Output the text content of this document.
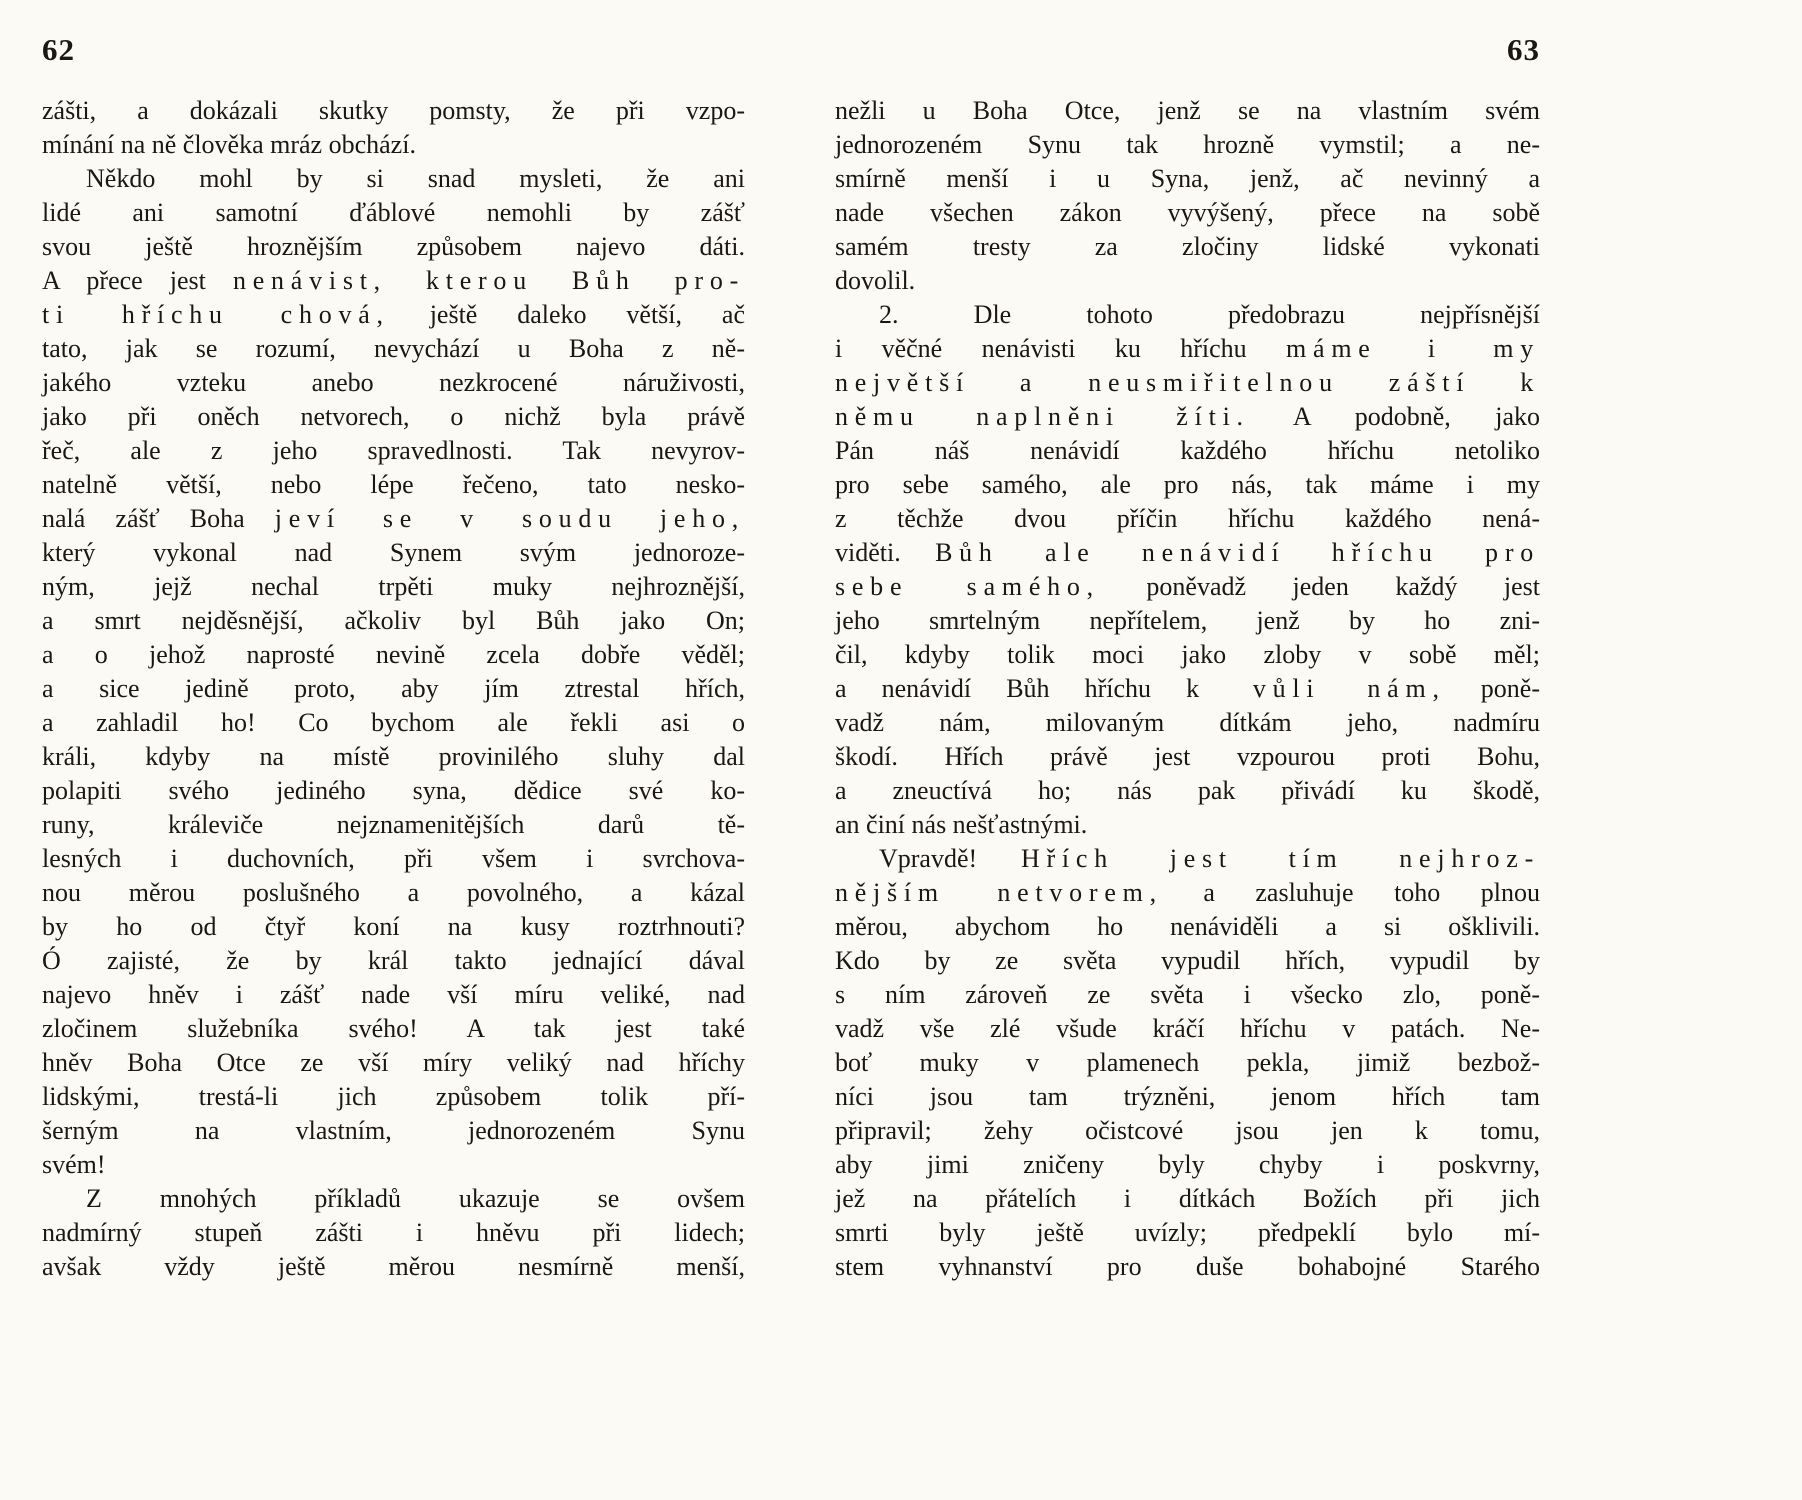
62	63
zášti, a dokázali skutky pomsty, že při vzpo-
mínání na ně člověka mráz obchází.
Někdo mohl by si snad mysleti, že ani
lidé ani samotní ďáblové nemohli by zášť
svou ještě hroznějším způsobem najevo dáti.
A přece jest nenávist, kterou Bůh pro-
ti hříchu chová, ještě daleko větší, ač
tato, jak se rozumí, nevychází u Boha z ně-
jakého vzteku anebo nezkrocené náruživosti,
jako při oněch netvorech, o nichž byla právě
řeč, ale z jeho spravedlnosti. Tak nevyrov-
natelně větší, nebo lépe řečeno, tato nesko-
nalá zášť Boha jeví se v soudu jeho,
který vykonal nad Synem svým jednoroze-
ným, jejž nechal trpěti muky nejhroznější,
a smrt nejděsnější, ačkoliv byl Bůh jako On;
a o jehož naprosté nevině zcela dobře věděl;
a sice jedině proto, aby jím ztrestal hřích,
a zahladil ho! Co bychom ale řekli asi o
králi, kdyby na místě provinilého sluhy dal
polapiti svého jediného syna, dědice své ko-
runy, králeviče nejznamenitějších darů tě-
lesných i duchovních, při všem i svrchova-
nou měrou poslušného a povolného, a kázal
by ho od čtyř koní na kusy roztrhnouti?
Ó zajisté, že by král takto jednající dával
najevo hněv i zášť nade vší míru veliké, nad
zločinem služebníka svého! A tak jest také
hněv Boha Otce ze vší míry veliký nad hříchy
lidskými, trestá-li jich způsobem tolik pří-
šerným na vlastním, jednorozeném Synu
svém!
Z mnohých příkladů ukazuje se ovšem
nadmírný stupeň zášti i hněvu při lidech;
avšak vždy ještě měrou nesmírně menší,
nežli u Boha Otce, jenž se na vlastním svém
jednorozeném Synu tak hrozně vymstil; a ne-
smírně menší i u Syna, jenž, ač nevinný a
nade všechen zákon vyvýšený, přece na sobě
samém tresty za zločiny lidské vykonati
dovolil.
2. Dle tohoto předobrazu nejpřísnější
i věčné nenávisti ku hříchu máme i my
největší a neusmiřitelnou záští k
němu naplněni žíti. A podobně, jako
Pán náš nenávidí každého hříchu netoliko
pro sebe samého, ale pro nás, tak máme i my
z těchže dvou příčin hříchu každého nená-
viděti. Bůh ale nenávidí hříchu pro
sebe samého, poněvadž jeden každý jest
jeho smrtelným nepřítelem, jenž by ho zni-
čil, kdyby tolik moci jako zloby v sobě měl;
a nenávidí Bůh hříchu k vůli nám, poně-
vadž nám, milovaným dítkám jeho, nadmíru
škodí. Hřích právě jest vzpourou proti Bohu,
a zneuctívá ho; nás pak přivádí ku škodě,
an činí nás nešťastnými.
Vpravdě! Hřích jest tím nejhroz-
nějším netvorem, a zasluhuje toho plnou
měrou, abychom ho nenáviděli a si ošklivili.
Kdo by ze světa vypudil hřích, vypudil by
s ním zároveň ze světa i všecko zlo, poně-
vadž vše zlé všude kráčí hříchu v patách. Ne-
boť muky v plamenech pekla, jimiž bezbož-
níci jsou tam trýzněni, jenom hřích tam
připravil; žehy očistcové jsou jen k tomu,
aby jimi zničeny byly chyby i poskvrny,
jež na přátelích i dítkách Božích při jich
smrti byly ještě uvízly; předpeklí bylo mí-
stem vyhnanství pro duše bohabojné Starého
